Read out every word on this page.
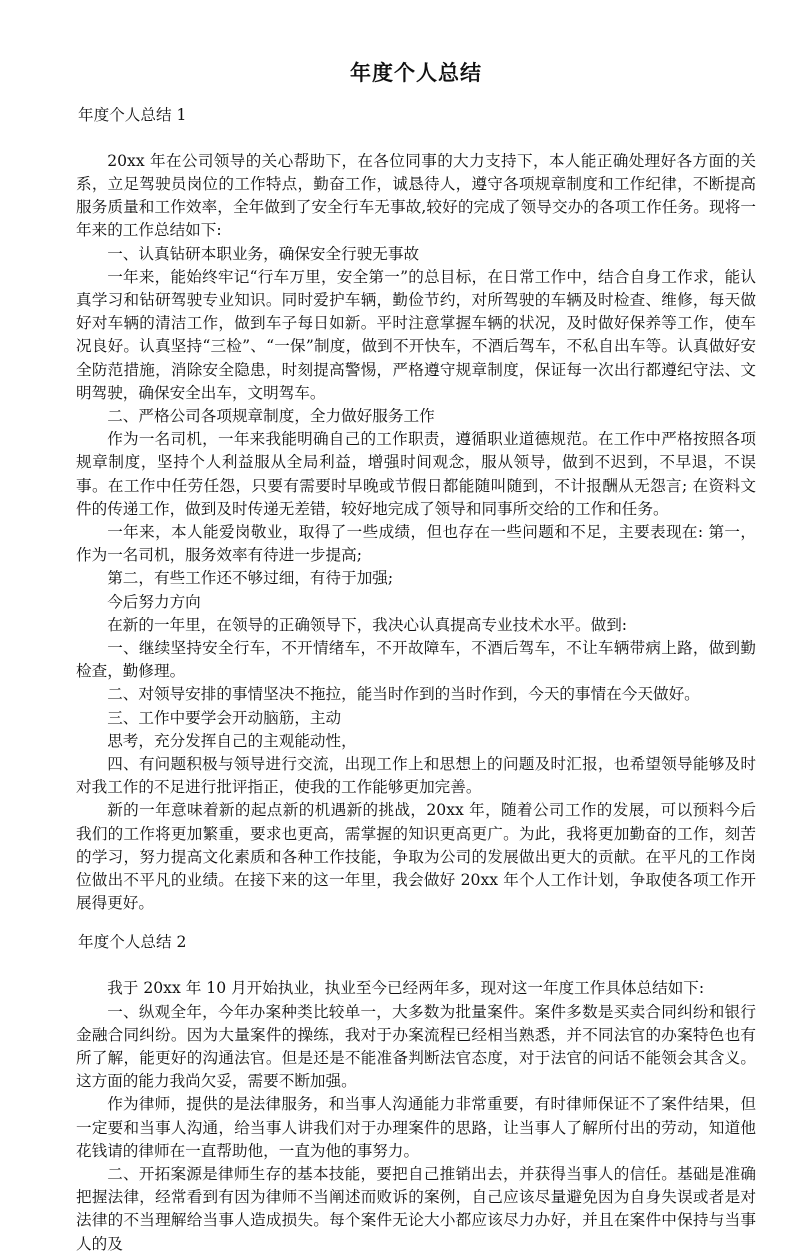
年度个人总结

年度个人总结 1

20xx 年在公司领导的关心帮助下，在各位同事的大力支持下，本人能正确处理好各方面的关系，立足驾驶员岗位的工作特点，勤奋工作，诚恳待人，遵守各项规章制度和工作纪律，不断提高服务质量和工作效率，全年做到了安全行车无事故,较好的完成了领导交办的各项工作任务。现将一年来的工作总结如下:

一、认真钻研本职业务，确保安全行驶无事故

一年来，能始终牢记“行车万里，安全第一”的总目标，在日常工作中，结合自身工作求，能认真学习和钻研驾驶专业知识。同时爱护车辆，勤俭节约，对所驾驶的车辆及时检查、维修，每天做好对车辆的清洁工作，做到车子每日如新。平时注意掌握车辆的状况，及时做好保养等工作，使车况良好。认真坚持“三检”、“一保”制度，做到不开快车，不酒后驾车，不私自出车等。认真做好安全防范措施，消除安全隐患，时刻提高警惕，严格遵守规章制度，保证每一次出行都遵纪守法、文明驾驶，确保安全出车，文明驾车。

二、严格公司各项规章制度，全力做好服务工作

作为一名司机，一年来我能明确自己的工作职责，遵循职业道德规范。在工作中严格按照各项规章制度，坚持个人利益服从全局利益，增强时间观念，服从领导，做到不迟到，不早退，不误事。在工作中任劳任怨，只要有需要时早晚或节假日都能随叫随到，不计报酬从无怨言; 在资料文件的传递工作，做到及时传递无差错，较好地完成了领导和同事所交给的工作和任务。

一年来，本人能爱岗敬业，取得了一些成绩，但也存在一些问题和不足，主要表现在: 第一，作为一名司机，服务效率有待进一步提高;

第二，有些工作还不够过细，有待于加强;

今后努力方向

在新的一年里，在领导的正确领导下，我决心认真提高专业技术水平。做到:

一、继续坚持安全行车，不开情绪车，不开故障车，不酒后驾车，不让车辆带病上路，做到勤检查，勤修理。

二、对领导安排的事情坚决不拖拉，能当时作到的当时作到，今天的事情在今天做好。

三、工作中要学会开动脑筋，主动

思考，充分发挥自己的主观能动性，

四、有问题积极与领导进行交流，出现工作上和思想上的问题及时汇报，也希望领导能够及时对我工作的不足进行批评指正，使我的工作能够更加完善。

新的一年意味着新的起点新的机遇新的挑战，20xx 年，随着公司工作的发展，可以预料今后我们的工作将更加繁重，要求也更高，需掌握的知识更高更广。为此，我将更加勤奋的工作，刻苦的学习，努力提高文化素质和各种工作技能，争取为公司的发展做出更大的贡献。在平凡的工作岗位做出不平凡的业绩。在接下来的这一年里，我会做好 20xx 年个人工作计划，争取使各项工作开展得更好。

年度个人总结 2

我于 20xx 年 10 月开始执业，执业至今已经两年多，现对这一年度工作具体总结如下:

一、纵观全年，今年办案种类比较单一，大多数为批量案件。案件多数是买卖合同纠纷和银行金融合同纠纷。因为大量案件的操练，我对于办案流程已经相当熟悉，并不同法官的办案特色也有所了解，能更好的沟通法官。但是还是不能准备判断法官态度，对于法官的问话不能领会其含义。这方面的能力我尚欠妥，需要不断加强。

作为律师，提供的是法律服务，和当事人沟通能力非常重要，有时律师保证不了案件结果，但一定要和当事人沟通，给当事人讲我们对于办理案件的思路，让当事人了解所付出的劳动，知道他花钱请的律师在一直帮助他，一直为他的事努力。

二、开拓案源是律师生存的基本技能，要把自己推销出去，并获得当事人的信任。基础是准确把握法律，经常看到有因为律师不当阐述而败诉的案例，自己应该尽量避免因为自身失误或者是对法律的不当理解给当事人造成损失。每个案件无论大小都应该尽力办好，并且在案件中保持与当事人的及
